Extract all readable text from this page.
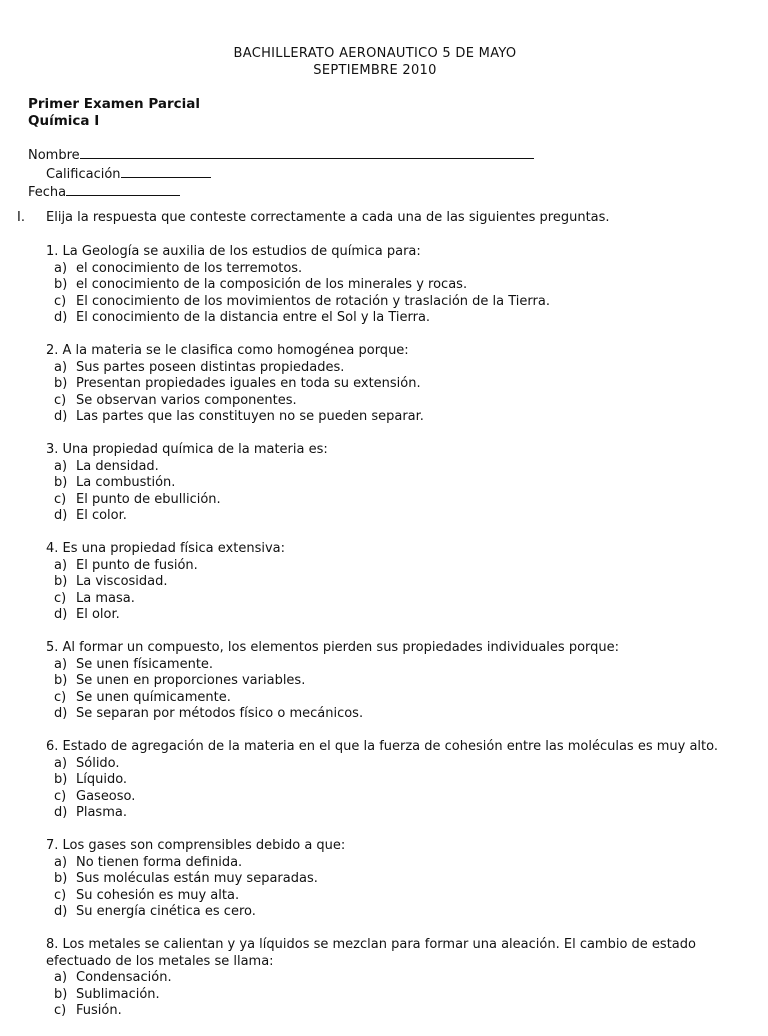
BACHILLERATO AERONAUTICO 5 DE MAYO
SEPTIEMBRE 2010
Primer Examen Parcial
Química I
Nombre
Calificación
Fecha
I. Elija la respuesta que conteste correctamente a cada una de las siguientes preguntas.
1. La Geología se auxilia de los estudios de química para:
a) el conocimiento de los terremotos.
b) el conocimiento de la composición de los minerales y rocas.
c) El conocimiento de los movimientos de rotación y traslación de la Tierra.
d) El conocimiento de la distancia entre el Sol y la Tierra.
2. A la materia se le clasifica como homogénea porque:
a) Sus partes poseen distintas propiedades.
b) Presentan propiedades iguales en toda su extensión.
c) Se observan varios componentes.
d) Las partes que las constituyen no se pueden separar.
3. Una propiedad química de la materia es:
a) La densidad.
b) La combustión.
c) El punto de ebullición.
d) El color.
4. Es una propiedad física extensiva:
a) El punto de fusión.
b) La viscosidad.
c) La masa.
d) El olor.
5. Al formar un compuesto, los elementos pierden sus propiedades individuales porque:
a) Se unen físicamente.
b) Se unen en proporciones variables.
c) Se unen químicamente.
d) Se separan por métodos físico o mecánicos.
6. Estado de agregación de la materia en el que la fuerza de cohesión entre las moléculas es muy alto.
a) Sólido.
b) Líquido.
c) Gaseoso.
d) Plasma.
7. Los gases son comprensibles debido a que:
a) No tienen forma definida.
b) Sus moléculas están muy separadas.
c) Su cohesión es muy alta.
d) Su energía cinética es cero.
8. Los metales se calientan y ya líquidos se mezclan para formar una aleación. El cambio de estado efectuado de los metales se llama:
a) Condensación.
b) Sublimación.
c) Fusión.
